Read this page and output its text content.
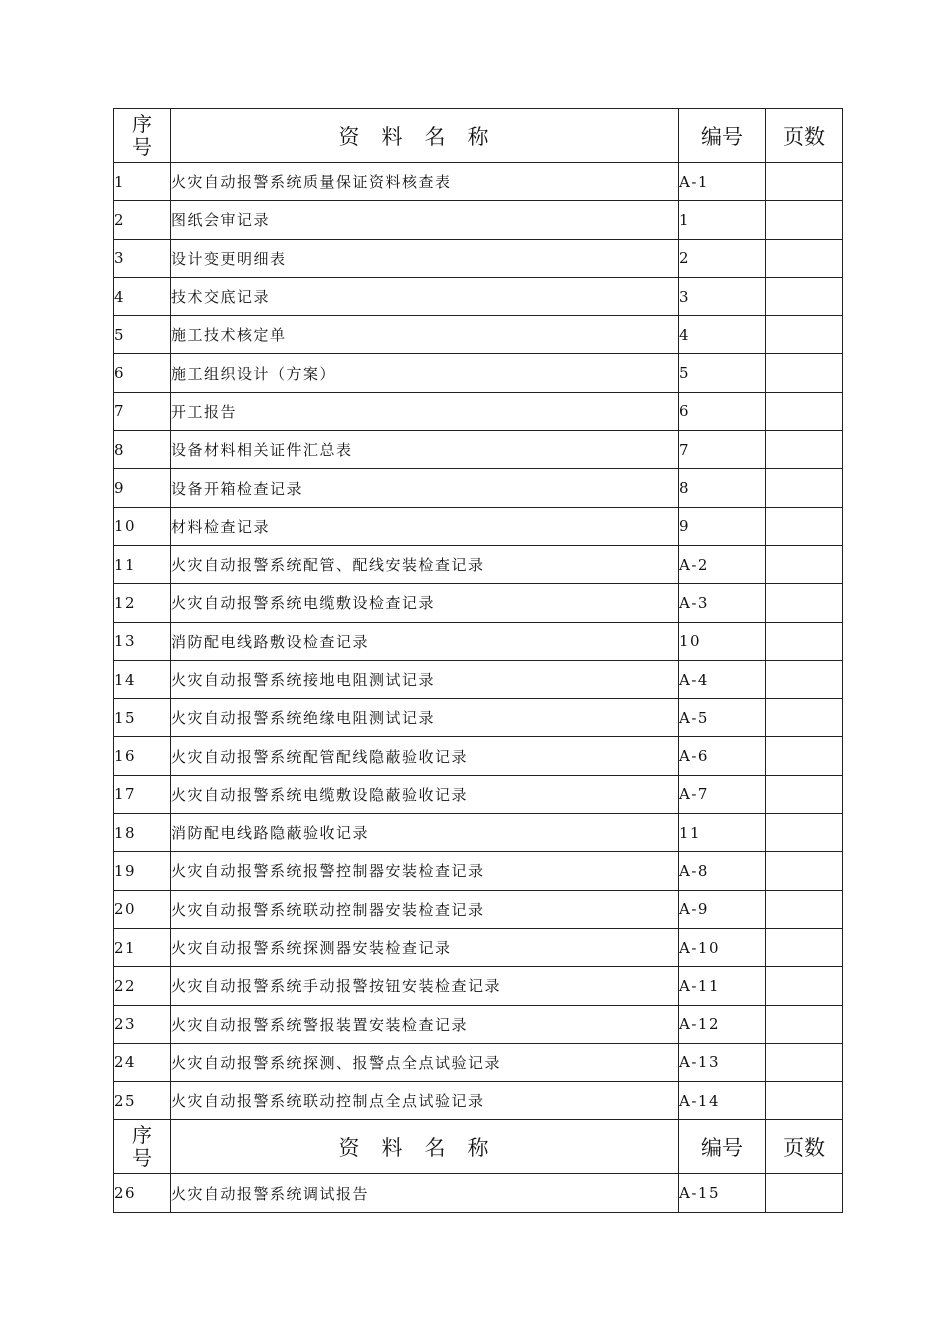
序
号	资料名称	编号	页数
1	火灾自动报警系统质量保证资料核查表	A-1	
2	图纸会审记录	1	
3	设计变更明细表	2	
4	技术交底记录	3	
5	施工技术核定单	4	
6	施工组织设计（方案）	5	
7	开工报告	6	
8	设备材料相关证件汇总表	7	
9	设备开箱检查记录	8	
10	材料检查记录	9	
11	火灾自动报警系统配管、配线安装检查记录	A-2	
12	火灾自动报警系统电缆敷设检查记录	A-3	
13	消防配电线路敷设检查记录	10	
14	火灾自动报警系统接地电阻测试记录	A-4	
15	火灾自动报警系统绝缘电阻测试记录	A-5	
16	火灾自动报警系统配管配线隐蔽验收记录	A-6	
17	火灾自动报警系统电缆敷设隐蔽验收记录	A-7	
18	消防配电线路隐蔽验收记录	11	
19	火灾自动报警系统报警控制器安装检查记录	A-8	
20	火灾自动报警系统联动控制器安装检查记录	A-9	
21	火灾自动报警系统探测器安装检查记录	A-10	
22	火灾自动报警系统手动报警按钮安装检查记录	A-11	
23	火灾自动报警系统警报装置安装检查记录	A-12	
24	火灾自动报警系统探测、报警点全点试验记录	A-13	
25	火灾自动报警系统联动控制点全点试验记录	A-14	

序
号	资料名称	编号	页数
26	火灾自动报警系统调试报告	A-15	
